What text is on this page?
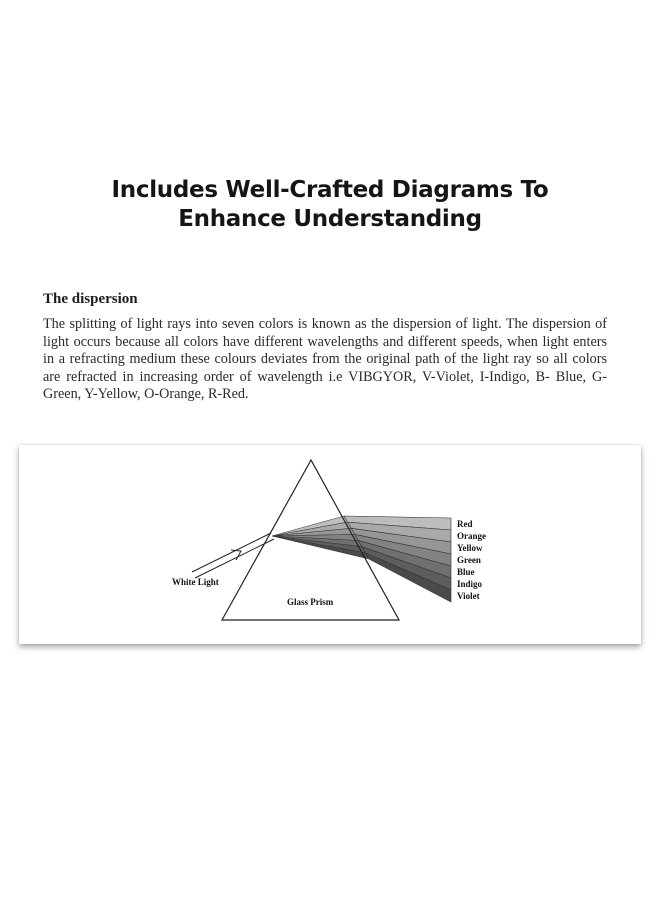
Includes Well-Crafted Diagrams To
Enhance Understanding
The dispersion

The splitting of light rays into seven colors is known as the dispersion of light. The dispersion of light occurs because all colors have different wavelengths and different speeds, when light enters in a refracting medium these colours deviates from the original path of the light ray so all colors are refracted in increasing order of wavelength i.e VIBGYOR, V-Violet, I-Indigo, B- Blue, G- Green, Y-Yellow, O-Orange, R-Red.

White Light
Glass Prism
Red
Orange
Yellow
Green
Blue
Indigo
Violet
